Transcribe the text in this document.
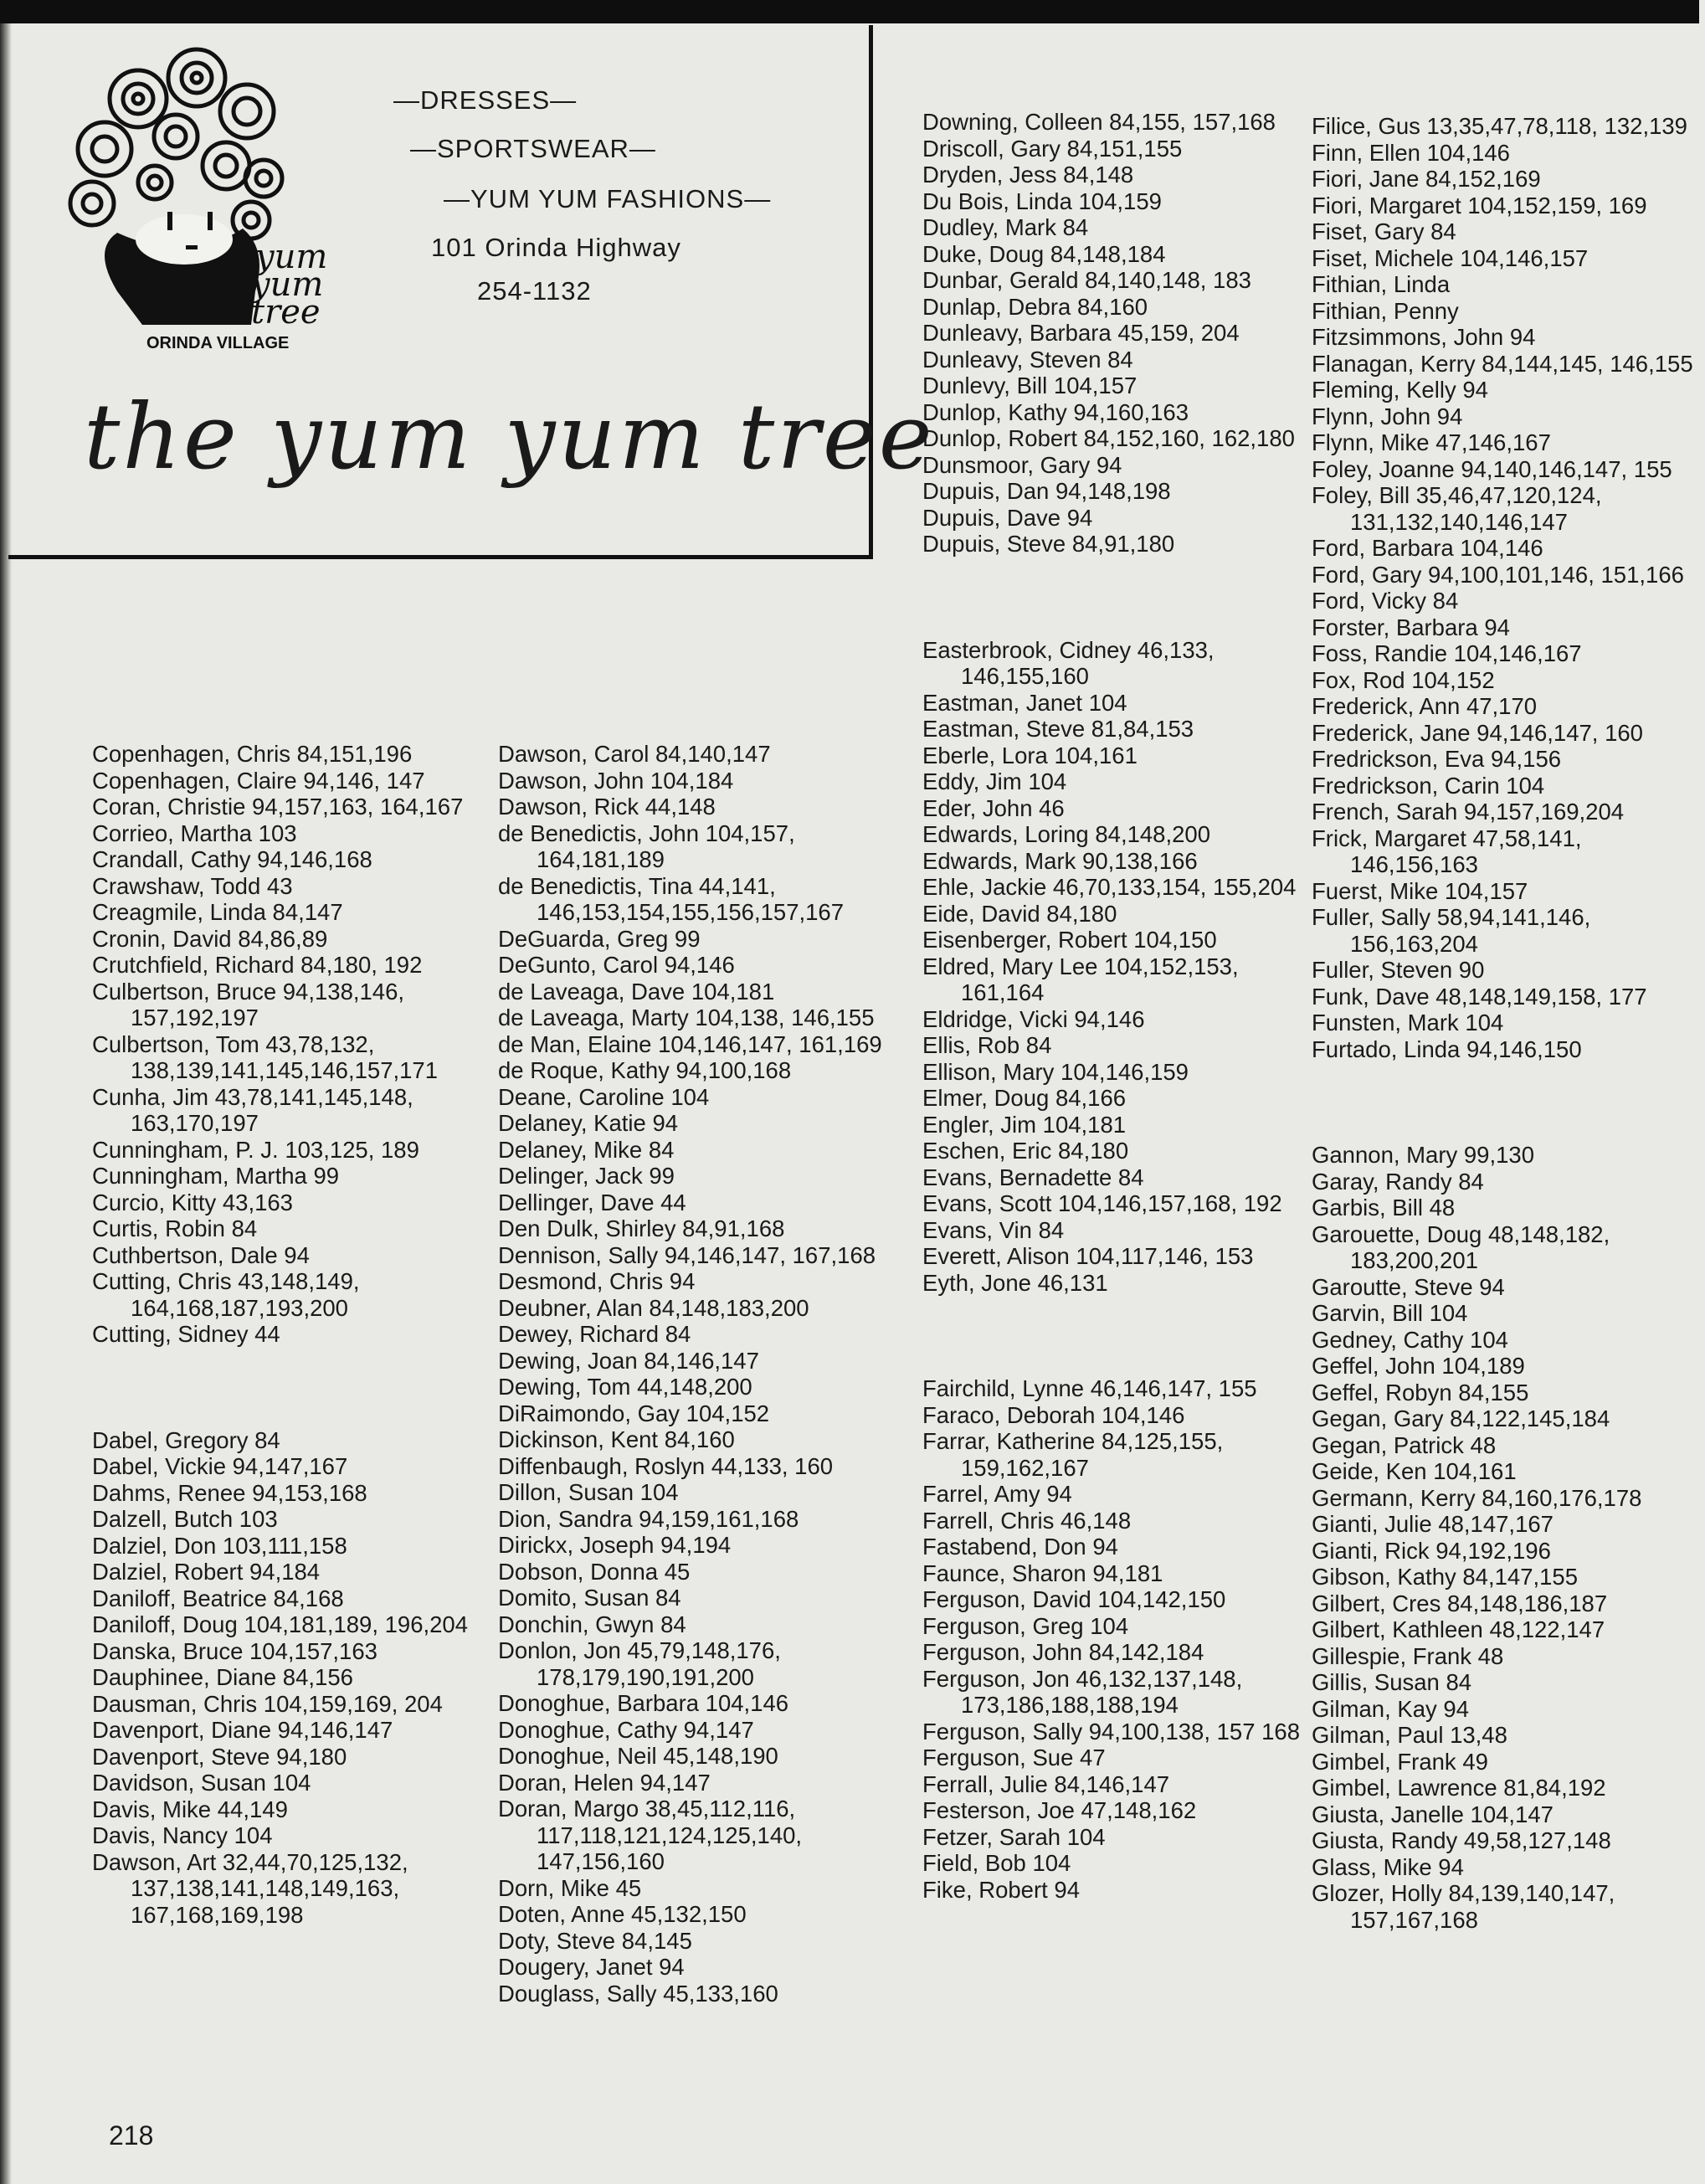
yum
yum
tree
ORINDA VILLAGE
—DRESSES—
—SPORTSWEAR—
—YUM YUM FASHIONS—
101 Orinda Highway
254-1132
the yum yum tree
Copenhagen, Chris 84,151,196
Copenhagen, Claire 94,146, 147
Coran, Christie 94,157,163, 164,167
Corrieo, Martha 103
Crandall, Cathy 94,146,168
Crawshaw, Todd 43
Creagmile, Linda 84,147
Cronin, David 84,86,89
Crutchfield, Richard 84,180, 192
Culbertson, Bruce 94,138,146, 157,192,197
Culbertson, Tom 43,78,132, 138,139,141,145,146,157,171
Cunha, Jim 43,78,141,145,148, 163,170,197
Cunningham, P. J. 103,125, 189
Cunningham, Martha 99
Curcio, Kitty 43,163
Curtis, Robin 84
Cuthbertson, Dale 94
Cutting, Chris 43,148,149, 164,168,187,193,200
Cutting, Sidney 44
Dabel, Gregory 84
Dabel, Vickie 94,147,167
Dahms, Renee 94,153,168
Dalzell, Butch 103
Dalziel, Don 103,111,158
Dalziel, Robert 94,184
Daniloff, Beatrice 84,168
Daniloff, Doug 104,181,189, 196,204
Danska, Bruce 104,157,163
Dauphinee, Diane 84,156
Dausman, Chris 104,159,169, 204
Davenport, Diane 94,146,147
Davenport, Steve 94,180
Davidson, Susan 104
Davis, Mike 44,149
Davis, Nancy 104
Dawson, Art 32,44,70,125,132, 137,138,141,148,149,163, 167,168,169,198
Dawson, Carol 84,140,147
Dawson, John 104,184
Dawson, Rick 44,148
de Benedictis, John 104,157, 164,181,189
de Benedictis, Tina 44,141, 146,153,154,155,156,157,167
DeGuarda, Greg 99
DeGunto, Carol 94,146
de Laveaga, Dave 104,181
de Laveaga, Marty 104,138, 146,155
de Man, Elaine 104,146,147, 161,169
de Roque, Kathy 94,100,168
Deane, Caroline 104
Delaney, Katie 94
Delaney, Mike 84
Delinger, Jack 99
Dellinger, Dave 44
Den Dulk, Shirley 84,91,168
Dennison, Sally 94,146,147, 167,168
Desmond, Chris 94
Deubner, Alan 84,148,183,200
Dewey, Richard 84
Dewing, Joan 84,146,147
Dewing, Tom 44,148,200
DiRaimondo, Gay 104,152
Dickinson, Kent 84,160
Diffenbaugh, Roslyn 44,133, 160
Dillon, Susan 104
Dion, Sandra 94,159,161,168
Dirickx, Joseph 94,194
Dobson, Donna 45
Domito, Susan 84
Donchin, Gwyn 84
Donlon, Jon 45,79,148,176, 178,179,190,191,200
Donoghue, Barbara 104,146
Donoghue, Cathy 94,147
Donoghue, Neil 45,148,190
Doran, Helen 94,147
Doran, Margo 38,45,112,116, 117,118,121,124,125,140, 147,156,160
Dorn, Mike 45
Doten, Anne 45,132,150
Doty, Steve 84,145
Dougery, Janet 94
Douglass, Sally 45,133,160
Downing, Colleen 84,155, 157,168
Driscoll, Gary 84,151,155
Dryden, Jess 84,148
Du Bois, Linda 104,159
Dudley, Mark 84
Duke, Doug 84,148,184
Dunbar, Gerald 84,140,148, 183
Dunlap, Debra 84,160
Dunleavy, Barbara 45,159, 204
Dunleavy, Steven 84
Dunlevy, Bill 104,157
Dunlop, Kathy 94,160,163
Dunlop, Robert 84,152,160, 162,180
Dunsmoor, Gary 94
Dupuis, Dan 94,148,198
Dupuis, Dave 94
Dupuis, Steve 84,91,180
Easterbrook, Cidney 46,133, 146,155,160
Eastman, Janet 104
Eastman, Steve 81,84,153
Eberle, Lora 104,161
Eddy, Jim 104
Eder, John 46
Edwards, Loring 84,148,200
Edwards, Mark 90,138,166
Ehle, Jackie 46,70,133,154, 155,204
Eide, David 84,180
Eisenberger, Robert 104,150
Eldred, Mary Lee 104,152,153, 161,164
Eldridge, Vicki 94,146
Ellis, Rob 84
Ellison, Mary 104,146,159
Elmer, Doug 84,166
Engler, Jim 104,181
Eschen, Eric 84,180
Evans, Bernadette 84
Evans, Scott 104,146,157,168, 192
Evans, Vin 84
Everett, Alison 104,117,146, 153
Eyth, Jone 46,131
Fairchild, Lynne 46,146,147, 155
Faraco, Deborah 104,146
Farrar, Katherine 84,125,155, 159,162,167
Farrel, Amy 94
Farrell, Chris 46,148
Fastabend, Don 94
Faunce, Sharon 94,181
Ferguson, David 104,142,150
Ferguson, Greg 104
Ferguson, John 84,142,184
Ferguson, Jon 46,132,137,148, 173,186,188,188,194
Ferguson, Sally 94,100,138, 157 168
Ferguson, Sue 47
Ferrall, Julie 84,146,147
Festerson, Joe 47,148,162
Fetzer, Sarah 104
Field, Bob 104
Fike, Robert 94
Filice, Gus 13,35,47,78,118, 132,139
Finn, Ellen 104,146
Fiori, Jane 84,152,169
Fiori, Margaret 104,152,159, 169
Fiset, Gary 84
Fiset, Michele 104,146,157
Fithian, Linda
Fithian, Penny
Fitzsimmons, John 94
Flanagan, Kerry 84,144,145, 146,155
Fleming, Kelly 94
Flynn, John 94
Flynn, Mike 47,146,167
Foley, Joanne 94,140,146,147, 155
Foley, Bill 35,46,47,120,124, 131,132,140,146,147
Ford, Barbara 104,146
Ford, Gary 94,100,101,146, 151,166
Ford, Vicky 84
Forster, Barbara 94
Foss, Randie 104,146,167
Fox, Rod 104,152
Frederick, Ann 47,170
Frederick, Jane 94,146,147, 160
Fredrickson, Eva 94,156
Fredrickson, Carin 104
French, Sarah 94,157,169,204
Frick, Margaret 47,58,141, 146,156,163
Fuerst, Mike 104,157
Fuller, Sally 58,94,141,146, 156,163,204
Fuller, Steven 90
Funk, Dave 48,148,149,158, 177
Funsten, Mark 104
Furtado, Linda 94,146,150
Gannon, Mary 99,130
Garay, Randy 84
Garbis, Bill 48
Garouette, Doug 48,148,182, 183,200,201
Garoutte, Steve 94
Garvin, Bill 104
Gedney, Cathy 104
Geffel, John 104,189
Geffel, Robyn 84,155
Gegan, Gary 84,122,145,184
Gegan, Patrick 48
Geide, Ken 104,161
Germann, Kerry 84,160,176,178
Gianti, Julie 48,147,167
Gianti, Rick 94,192,196
Gibson, Kathy 84,147,155
Gilbert, Cres 84,148,186,187
Gilbert, Kathleen 48,122,147
Gillespie, Frank 48
Gillis, Susan 84
Gilman, Kay 94
Gilman, Paul 13,48
Gimbel, Frank 49
Gimbel, Lawrence 81,84,192
Giusta, Janelle 104,147
Giusta, Randy 49,58,127,148
Glass, Mike 94
Glozer, Holly 84,139,140,147, 157,167,168
218
